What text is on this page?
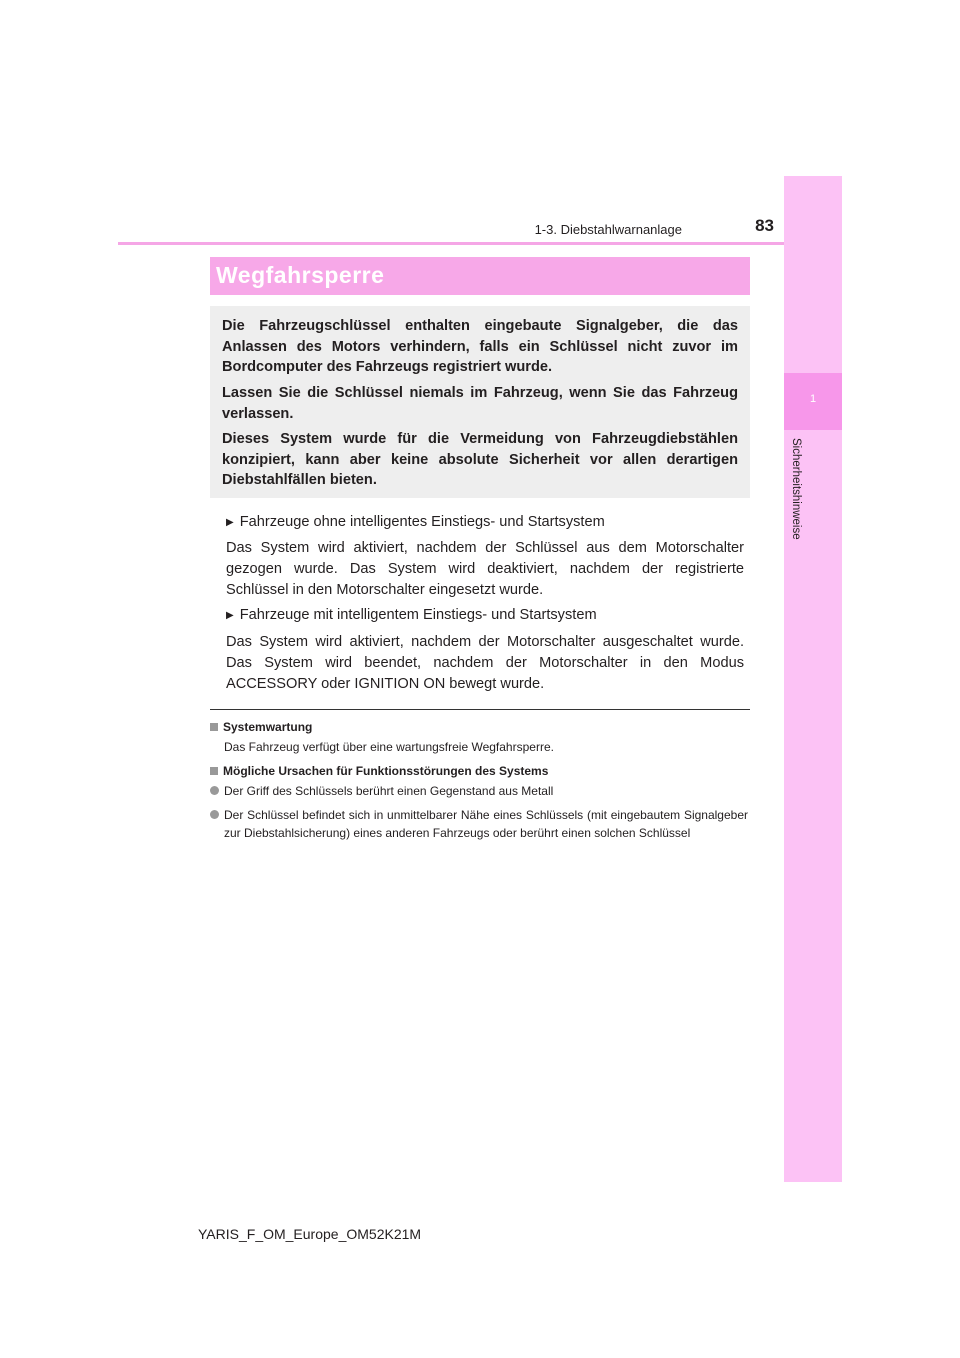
1-3. Diebstahlwarnanlage	83
1
Sicherheitshinweise
Wegfahrsperre

Die Fahrzeugschlüssel enthalten eingebaute Signalgeber, die das Anlassen des Motors verhindern, falls ein Schlüssel nicht zuvor im Bordcomputer des Fahrzeugs registriert wurde.

Lassen Sie die Schlüssel niemals im Fahrzeug, wenn Sie das Fahrzeug verlassen.

Dieses System wurde für die Vermeidung von Fahrzeugdiebstählen konzipiert, kann aber keine absolute Sicherheit vor allen derartigen Diebstahlfällen bieten.

▶ Fahrzeuge ohne intelligentes Einstiegs- und Startsystem

Das System wird aktiviert, nachdem der Schlüssel aus dem Motorschalter gezogen wurde. Das System wird deaktiviert, nachdem der registrierte Schlüssel in den Motorschalter eingesetzt wurde.

▶ Fahrzeuge mit intelligentem Einstiegs- und Startsystem

Das System wird aktiviert, nachdem der Motorschalter ausgeschaltet wurde. Das System wird beendet, nachdem der Motorschalter in den Modus ACCESSORY oder IGNITION ON bewegt wurde.

Systemwartung
Das Fahrzeug verfügt über eine wartungsfreie Wegfahrsperre.
Mögliche Ursachen für Funktionsstörungen des Systems
Der Griff des Schlüssels berührt einen Gegenstand aus Metall
Der Schlüssel befindet sich in unmittelbarer Nähe eines Schlüssels (mit eingebautem Signalgeber zur Diebstahlsicherung) eines anderen Fahrzeugs oder berührt einen solchen Schlüssel
YARIS_F_OM_Europe_OM52K21M
